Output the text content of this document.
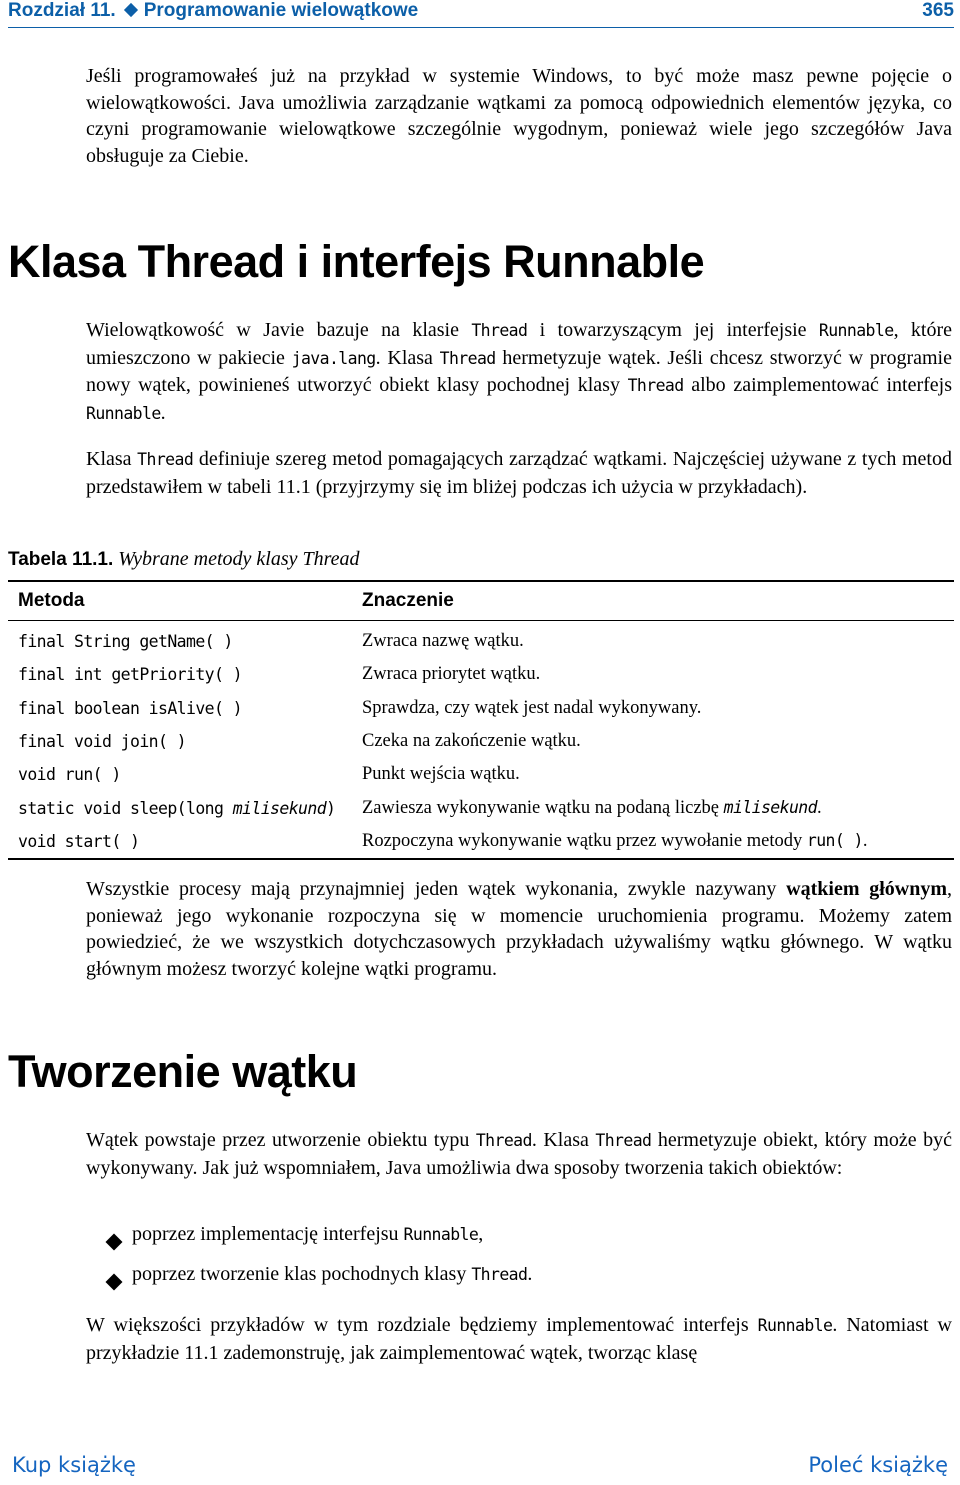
Rozdział 11. Programowanie wielowątkowe	365

Jeśli programowałeś już na przykład w systemie Windows, to być może masz pewne pojęcie o wielowątkowości. Java umożliwia zarządzanie wątkami za pomocą odpowiednich elementów języka, co czyni programowanie wielowątkowe szczególnie wygodnym, ponieważ wiele jego szczegółów Java obsługuje za Ciebie.

Klasa Thread i interfejs Runnable

Wielowątkowość w Javie bazuje na klasie Thread i towarzyszącym jej interfejsie Runnable, które umieszczono w pakiecie java.lang. Klasa Thread hermetyzuje wątek. Jeśli chcesz stworzyć w programie nowy wątek, powinieneś utworzyć obiekt klasy pochodnej klasy Thread albo zaimplementować interfejs Runnable.

Klasa Thread definiuje szereg metod pomagających zarządzać wątkami. Najczęściej używane z tych metod przedstawiłem w tabeli 11.1 (przyjrzymy się im bliżej podczas ich użycia w przykładach).

Tabela 11.1. Wybrane metody klasy Thread
Metoda	Znaczenie
final String getName( )	Zwraca nazwę wątku.
final int getPriority( )	Zwraca priorytet wątku.
final boolean isAlive( )	Sprawdza, czy wątek jest nadal wykonywany.
final void join( )	Czeka na zakończenie wątku.
void run( )	Punkt wejścia wątku.
static void sleep(long milisekund)	Zawiesza wykonywanie wątku na podaną liczbę milisekund.
void start( )	Rozpoczyna wykonywanie wątku przez wywołanie metody run( ).

Wszystkie procesy mają przynajmniej jeden wątek wykonania, zwykle nazywany wątkiem głównym, ponieważ jego wykonanie rozpoczyna się w momencie uruchomienia programu. Możemy zatem powiedzieć, że we wszystkich dotychczasowych przykładach używaliśmy wątku głównego. W wątku głównym możesz tworzyć kolejne wątki programu.

Tworzenie wątku

Wątek powstaje przez utworzenie obiektu typu Thread. Klasa Thread hermetyzuje obiekt, który może być wykonywany. Jak już wspomniałem, Java umożliwia dwa sposoby tworzenia takich obiektów:

poprzez implementację interfejsu Runnable,
poprzez tworzenie klas pochodnych klasy Thread.

W większości przykładów w tym rozdziale będziemy implementować interfejs Runnable. Natomiast w przykładzie 11.1 zademonstruję, jak zaimplementować wątek, tworząc klasę

Kup książkę	Poleć książkę
